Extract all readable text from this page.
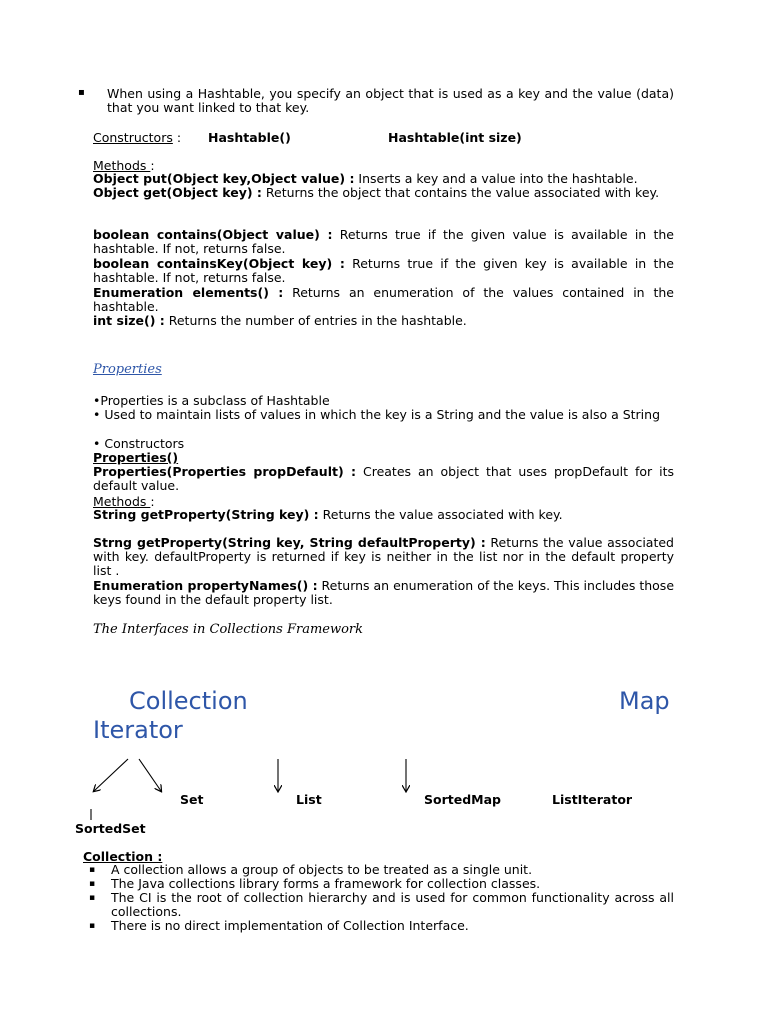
▪ When using a Hashtable, you specify an object that is used as a key and the value (data) that you want linked to that key.
Constructors : Hashtable()	Hashtable(int size)
Methods :
Object put(Object key,Object value) : Inserts a key and a value into the hashtable.
Object get(Object key) : Returns the object that contains the value associated with key.
boolean contains(Object value) : Returns true if the given value is available in the hashtable. If not, returns false.
boolean containsKey(Object key) : Returns true if the given key is available in the hashtable. If not, returns false.
Enumeration elements() : Returns an enumeration of the values contained in the hashtable.
int size() : Returns the number of entries in the hashtable.
Properties
•Properties is a subclass of Hashtable
• Used to maintain lists of values in which the key is a String and the value is also a String
• Constructors
Properties()
Properties(Properties propDefault) : Creates an object that uses propDefault for its default value.
Methods :
String getProperty(String key) : Returns the value associated with key.
Strng getProperty(String key, String defaultProperty) : Returns the value associated with key. defaultProperty is returned if key is neither in the list nor in the default property list .
Enumeration propertyNames() : Returns an enumeration of the keys. This includes those keys found in the default property list.
The Interfaces in Collections Framework
Collection	Map
Iterator
Set	List	SortedMap	ListIterator
SortedSet
Collection :
▪ A collection allows a group of objects to be treated as a single unit.
▪ The Java collections library forms a framework for collection classes.
▪ The CI is the root of collection hierarchy and is used for common functionality across all collections.
▪ There is no direct implementation of Collection Interface.
